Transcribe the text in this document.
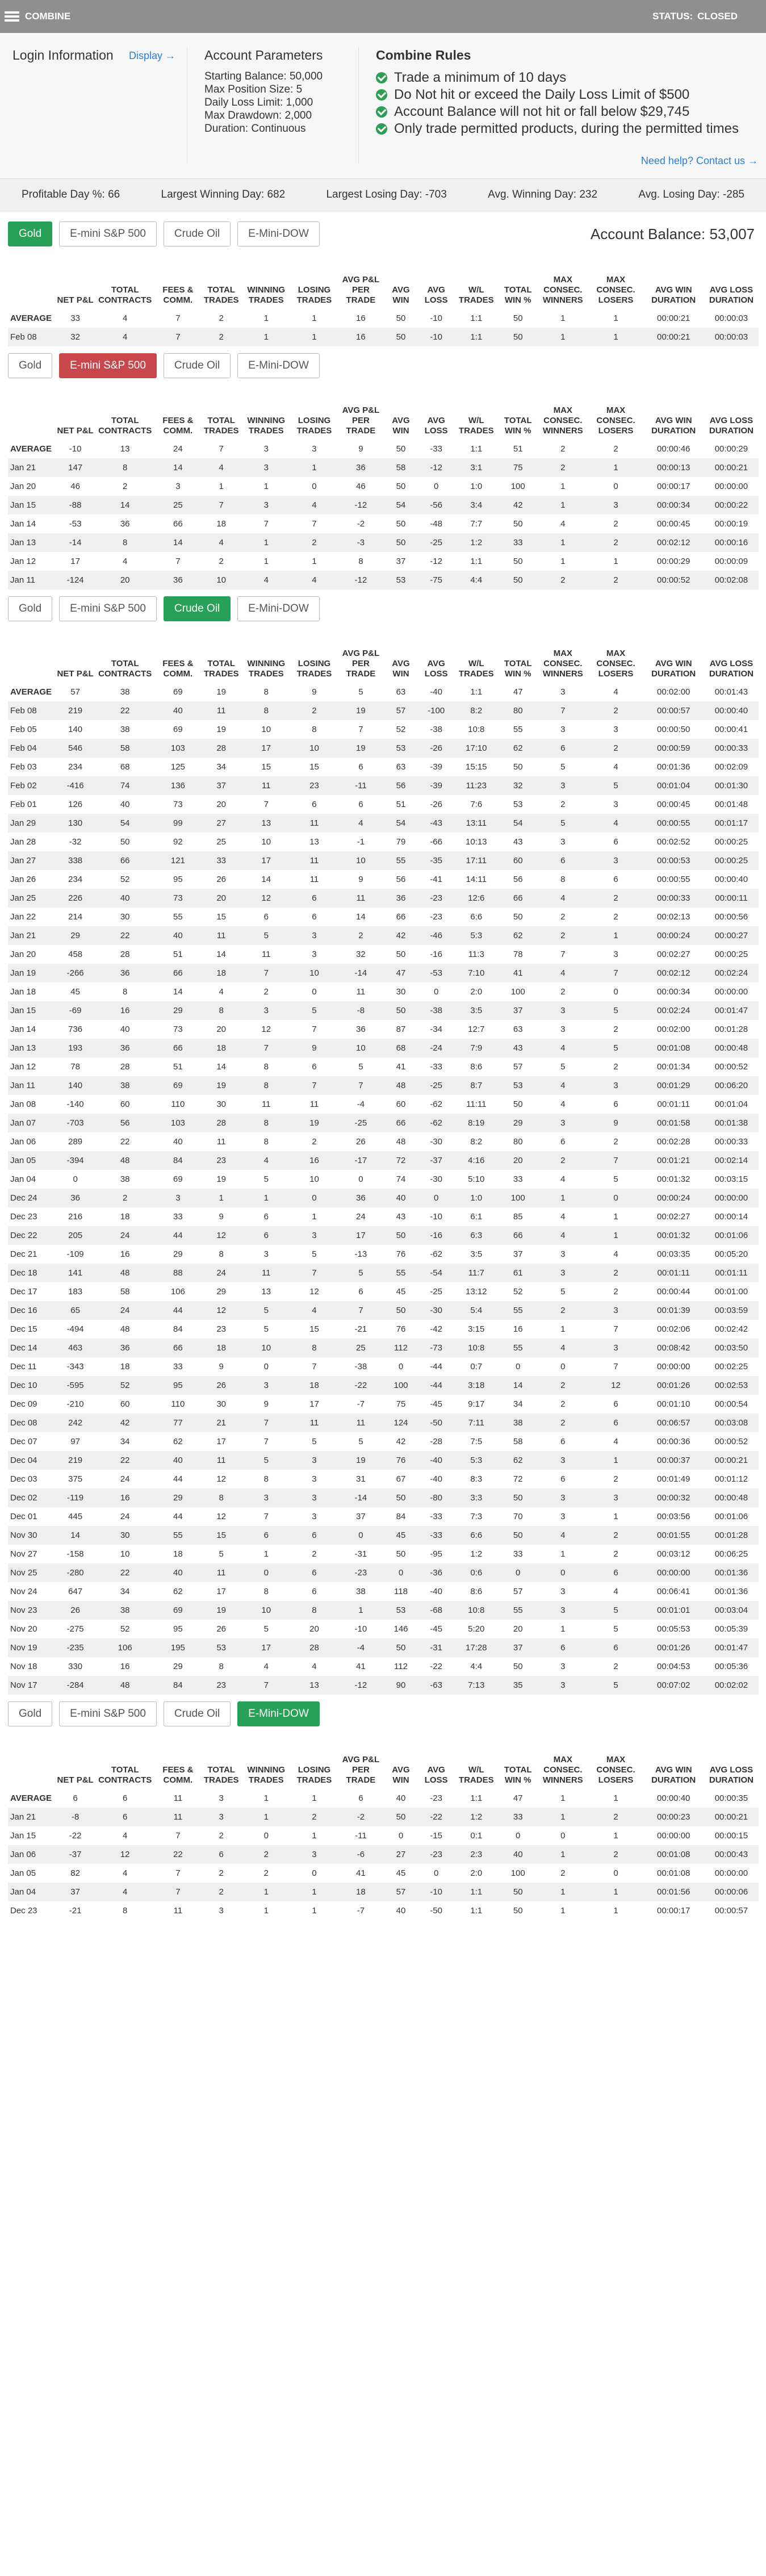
COMBINE	STATUS: CLOSED
Login Information Display → Account Parameters
Starting Balance: 50,000
Max Position Size: 5
Daily Loss Limit: 1,000
Max Drawdown: 2,000
Duration: Continuous
Combine Rules
Trade a minimum of 10 days
Do Not hit or exceed the Daily Loss Limit of $500
Account Balance will not hit or fall below $29,745
Only trade permitted products, during the permitted times
Need help? Contact us →
Profitable Day %: 66	Largest Winning Day: 682	Largest Losing Day: -703	Avg. Winning Day: 232	Avg. Losing Day: -285
Gold	E-mini S&P 500	Crude Oil	E-Mini-DOW	Account Balance: 53,007
	NET P&L	TOTAL CONTRACTS	FEES & COMM.	TOTAL TRADES	WINNING TRADES	LOSING TRADES	AVG P&L PER TRADE	AVG WIN	AVG LOSS	W/L TRADES	TOTAL WIN %	MAX CONSEC. WINNERS	MAX CONSEC. LOSERS	AVG WIN DURATION	AVG LOSS DURATION
AVERAGE	33	4	7	2	1	1	16	50	-10	1:1	50	1	1	00:00:21	00:00:03
Feb 08	32	4	7	2	1	1	16	50	-10	1:1	50	1	1	00:00:21	00:00:03
Gold	E-mini S&P 500	Crude Oil	E-Mini-DOW
	NET P&L	TOTAL CONTRACTS	FEES & COMM.	TOTAL TRADES	WINNING TRADES	LOSING TRADES	AVG P&L PER TRADE	AVG WIN	AVG LOSS	W/L TRADES	TOTAL WIN %	MAX CONSEC. WINNERS	MAX CONSEC. LOSERS	AVG WIN DURATION	AVG LOSS DURATION
AVERAGE	-10	13	24	7	3	3	9	50	-33	1:1	51	2	2	00:00:46	00:00:29
Jan 21	147	8	14	4	3	1	36	58	-12	3:1	75	2	1	00:00:13	00:00:21
Jan 20	46	2	3	1	1	0	46	50	0	1:0	100	1	0	00:00:17	00:00:00
Jan 15	-88	14	25	7	3	4	-12	54	-56	3:4	42	1	3	00:00:34	00:00:22
Jan 14	-53	36	66	18	7	7	-2	50	-48	7:7	50	4	2	00:00:45	00:00:19
Jan 13	-14	8	14	4	1	2	-3	50	-25	1:2	33	1	2	00:02:12	00:00:16
Jan 12	17	4	7	2	1	1	8	37	-12	1:1	50	1	1	00:00:29	00:00:09
Jan 11	-124	20	36	10	4	4	-12	53	-75	4:4	50	2	2	00:00:52	00:02:08
Gold	E-mini S&P 500	Crude Oil	E-Mini-DOW
	NET P&L	TOTAL CONTRACTS	FEES & COMM.	TOTAL TRADES	WINNING TRADES	LOSING TRADES	AVG P&L PER TRADE	AVG WIN	AVG LOSS	W/L TRADES	TOTAL WIN %	MAX CONSEC. WINNERS	MAX CONSEC. LOSERS	AVG WIN DURATION	AVG LOSS DURATION
AVERAGE	57	38	69	19	8	9	5	63	-40	1:1	47	3	4	00:02:00	00:01:43
Feb 08	219	22	40	11	8	2	19	57	-100	8:2	80	7	2	00:00:57	00:00:40
Feb 05	140	38	69	19	10	8	7	52	-38	10:8	55	3	3	00:00:50	00:00:41
Feb 04	546	58	103	28	17	10	19	53	-26	17:10	62	6	2	00:00:59	00:00:33
Feb 03	234	68	125	34	15	15	6	63	-39	15:15	50	5	4	00:01:36	00:02:09
Feb 02	-416	74	136	37	11	23	-11	56	-39	11:23	32	3	5	00:01:04	00:01:30
Feb 01	126	40	73	20	7	6	6	51	-26	7:6	53	2	3	00:00:45	00:01:48
Jan 29	130	54	99	27	13	11	4	54	-43	13:11	54	5	4	00:00:55	00:01:17
Jan 28	-32	50	92	25	10	13	-1	79	-66	10:13	43	3	6	00:02:52	00:00:25
Jan 27	338	66	121	33	17	11	10	55	-35	17:11	60	6	3	00:00:53	00:00:25
Jan 26	234	52	95	26	14	11	9	56	-41	14:11	56	8	6	00:00:55	00:00:40
Jan 25	226	40	73	20	12	6	11	36	-23	12:6	66	4	2	00:00:33	00:00:11
Jan 22	214	30	55	15	6	6	14	66	-23	6:6	50	2	2	00:02:13	00:00:56
Jan 21	29	22	40	11	5	3	2	42	-46	5:3	62	2	1	00:00:24	00:00:27
Jan 20	458	28	51	14	11	3	32	50	-16	11:3	78	7	3	00:02:27	00:00:25
Jan 19	-266	36	66	18	7	10	-14	47	-53	7:10	41	4	7	00:02:12	00:02:24
Jan 18	45	8	14	4	2	0	11	30	0	2:0	100	2	0	00:00:34	00:00:00
Jan 15	-69	16	29	8	3	5	-8	50	-38	3:5	37	3	5	00:02:24	00:01:47
Jan 14	736	40	73	20	12	7	36	87	-34	12:7	63	3	2	00:02:00	00:01:28
Jan 13	193	36	66	18	7	9	10	68	-24	7:9	43	4	5	00:01:08	00:00:48
Jan 12	78	28	51	14	8	6	5	41	-33	8:6	57	5	2	00:01:34	00:00:52
Jan 11	140	38	69	19	8	7	7	48	-25	8:7	53	4	3	00:01:29	00:06:20
Jan 08	-140	60	110	30	11	11	-4	60	-62	11:11	50	4	6	00:01:11	00:01:04
Jan 07	-703	56	103	28	8	19	-25	66	-62	8:19	29	3	9	00:01:58	00:01:38
Jan 06	289	22	40	11	8	2	26	48	-30	8:2	80	6	2	00:02:28	00:00:33
Jan 05	-394	48	84	23	4	16	-17	72	-37	4:16	20	2	7	00:01:21	00:02:14
Jan 04	0	38	69	19	5	10	0	74	-30	5:10	33	4	5	00:01:32	00:03:15
Dec 24	36	2	3	1	1	0	36	40	0	1:0	100	1	0	00:00:24	00:00:00
Dec 23	216	18	33	9	6	1	24	43	-10	6:1	85	4	1	00:02:27	00:00:14
Dec 22	205	24	44	12	6	3	17	50	-16	6:3	66	4	1	00:01:32	00:01:06
Dec 21	-109	16	29	8	3	5	-13	76	-62	3:5	37	3	4	00:03:35	00:05:20
Dec 18	141	48	88	24	11	7	5	55	-54	11:7	61	3	2	00:01:11	00:01:11
Dec 17	183	58	106	29	13	12	6	45	-25	13:12	52	5	2	00:00:44	00:01:00
Dec 16	65	24	44	12	5	4	7	50	-30	5:4	55	2	3	00:01:39	00:03:59
Dec 15	-494	48	84	23	5	15	-21	76	-42	3:15	16	1	7	00:02:06	00:02:42
Dec 14	463	36	66	18	10	8	25	112	-73	10:8	55	4	3	00:08:42	00:03:50
Dec 11	-343	18	33	9	0	7	-38	0	-44	0:7	0	0	7	00:00:00	00:02:25
Dec 10	-595	52	95	26	3	18	-22	100	-44	3:18	14	2	12	00:01:26	00:02:53
Dec 09	-210	60	110	30	9	17	-7	75	-45	9:17	34	2	6	00:01:10	00:00:54
Dec 08	242	42	77	21	7	11	11	124	-50	7:11	38	2	6	00:06:57	00:03:08
Dec 07	97	34	62	17	7	5	5	42	-28	7:5	58	6	4	00:00:36	00:00:52
Dec 04	219	22	40	11	5	3	19	76	-40	5:3	62	3	1	00:00:37	00:00:21
Dec 03	375	24	44	12	8	3	31	67	-40	8:3	72	6	2	00:01:49	00:01:12
Dec 02	-119	16	29	8	3	3	-14	50	-80	3:3	50	3	3	00:00:32	00:00:48
Dec 01	445	24	44	12	7	3	37	84	-33	7:3	70	3	1	00:03:56	00:01:06
Nov 30	14	30	55	15	6	6	0	45	-33	6:6	50	4	2	00:01:55	00:01:28
Nov 27	-158	10	18	5	1	2	-31	50	-95	1:2	33	1	2	00:03:12	00:06:25
Nov 25	-280	22	40	11	0	6	-23	0	-36	0:6	0	0	6	00:00:00	00:01:36
Nov 24	647	34	62	17	8	6	38	118	-40	8:6	57	3	4	00:06:41	00:01:36
Nov 23	26	38	69	19	10	8	1	53	-68	10:8	55	3	5	00:01:01	00:03:04
Nov 20	-275	52	95	26	5	20	-10	146	-45	5:20	20	1	5	00:05:53	00:05:39
Nov 19	-235	106	195	53	17	28	-4	50	-31	17:28	37	6	6	00:01:26	00:01:47
Nov 18	330	16	29	8	4	4	41	112	-22	4:4	50	3	2	00:04:53	00:05:36
Nov 17	-284	48	84	23	7	13	-12	90	-63	7:13	35	3	5	00:07:02	00:02:02
Gold	E-mini S&P 500	Crude Oil	E-Mini-DOW
	NET P&L	TOTAL CONTRACTS	FEES & COMM.	TOTAL TRADES	WINNING TRADES	LOSING TRADES	AVG P&L PER TRADE	AVG WIN	AVG LOSS	W/L TRADES	TOTAL WIN %	MAX CONSEC. WINNERS	MAX CONSEC. LOSERS	AVG WIN DURATION	AVG LOSS DURATION
AVERAGE	6	6	11	3	1	1	6	40	-23	1:1	47	1	1	00:00:40	00:00:35
Jan 21	-8	6	11	3	1	2	-2	50	-22	1:2	33	1	2	00:00:23	00:00:21
Jan 15	-22	4	7	2	0	1	-11	0	-15	0:1	0	0	1	00:00:00	00:00:15
Jan 06	-37	12	22	6	2	3	-6	27	-23	2:3	40	1	2	00:01:08	00:00:43
Jan 05	82	4	7	2	2	0	41	45	0	2:0	100	2	0	00:01:08	00:00:00
Jan 04	37	4	7	2	1	1	18	57	-10	1:1	50	1	1	00:01:56	00:00:06
Dec 23	-21	8	11	3	1	1	-7	40	-50	1:1	50	1	1	00:00:17	00:00:57
